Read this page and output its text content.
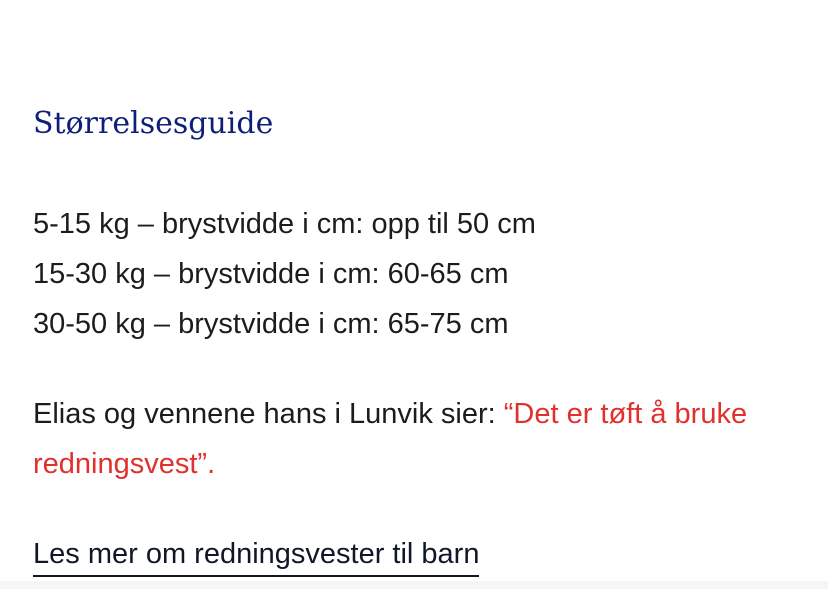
Størrelsesguide
5-15 kg – brystvidde i cm: opp til 50 cm
15-30 kg – brystvidde i cm: 60-65 cm
30-50 kg – brystvidde i cm: 65-75 cm

Elias og vennene hans i Lunvik sier: “Det er tøft å bruke redningsvest”.

Les mer om redningsvester til barn
